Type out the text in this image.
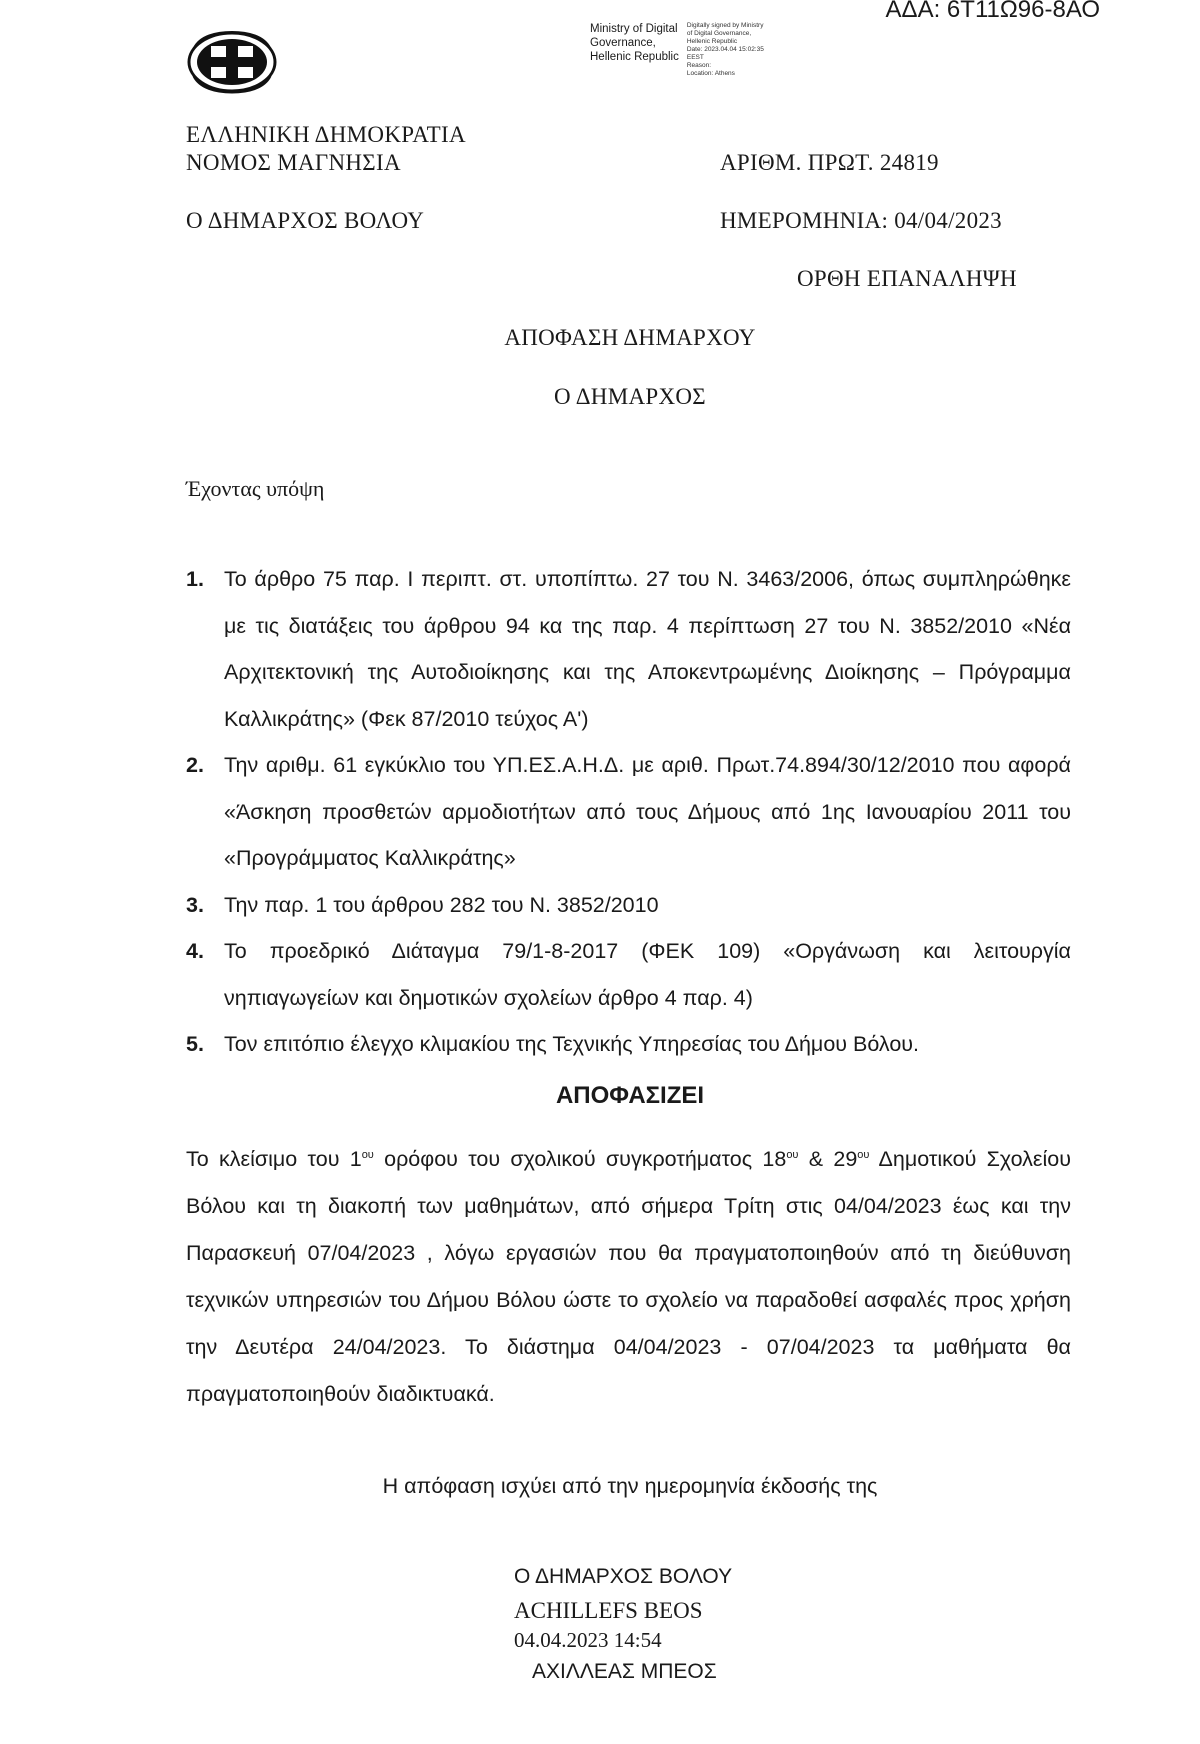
ΑΔΑ: 6Τ11Ω96-8ΑΟ
Ministry of Digital
Governance,
Hellenic Republic
Digitally signed by Ministry
of Digital Governance,
Hellenic Republic
Date: 2023.04.04 15:02:35
EEST
Reason:
Location: Athens
ΕΛΛΗΝΙΚΗ ΔΗΜΟΚΡΑΤΙΑ
ΝΟΜΟΣ ΜΑΓΝΗΣΙΑ	ΑΡΙΘΜ. ΠΡΩΤ. 24819
Ο ΔΗΜΑΡΧΟΣ ΒΟΛΟΥ	ΗΜΕΡΟΜΗΝΙΑ: 04/04/2023
ΟΡΘΗ ΕΠΑΝΑΛΗΨΗ
ΑΠΟΦΑΣΗ ΔΗΜΑΡΧΟΥ
Ο ΔΗΜΑΡΧΟΣ
Έχοντας υπόψη
1. Το άρθρο 75 παρ. Ι περιπτ. στ. υποπίπτω. 27 του Ν. 3463/2006, όπως συμπληρώθηκε με τις διατάξεις του άρθρου 94 κα της παρ. 4 περίπτωση 27 του Ν. 3852/2010 «Νέα Αρχιτεκτονική της Αυτοδιοίκησης και της Αποκεντρωμένης Διοίκησης – Πρόγραμμα Καλλικράτης» (Φεκ 87/2010 τεύχος Α')
2. Την αριθμ. 61 εγκύκλιο του ΥΠ.ΕΣ.Α.Η.Δ. με αριθ. Πρωτ.74.894/30/12/2010 που αφορά «Άσκηση προσθετών αρμοδιοτήτων από τους Δήμους από 1ης Ιανουαρίου 2011 του «Προγράμματος Καλλικράτης»
3. Την παρ. 1 του άρθρου 282 του Ν. 3852/2010
4. Το προεδρικό Διάταγμα 79/1-8-2017 (ΦΕΚ 109) «Οργάνωση και λειτουργία νηπιαγωγείων και δημοτικών σχολείων άρθρο 4 παρ. 4)
5. Τον επιτόπιο έλεγχο κλιμακίου της Τεχνικής Υπηρεσίας του Δήμου Βόλου.
ΑΠΟΦΑΣΙΖΕΙ

Το κλείσιμο του $1^{o\upsilon}$ ορόφου του σχολικού συγκροτήματος $18^{o\upsilon}$ & $29^{o\upsilon}$ Δημοτικού Σχολείου Βόλου και τη διακοπή των μαθημάτων, από σήμερα Τρίτη στις 04/04/2023 έως και την Παρασκευή 07/04/2023 , λόγω εργασιών που θα πραγματοποιηθούν από τη διεύθυνση τεχνικών υπηρεσιών του Δήμου Βόλου ώστε το σχολείο να παραδοθεί ασφαλές προς χρήση την Δευτέρα 24/04/2023. Το διάστημα 04/04/2023 - 07/04/2023 τα μαθήματα θα πραγματοποιηθούν διαδικτυακά.

Η απόφαση ισχύει από την ημερομηνία έκδοσής της
Ο ΔΗΜΑΡΧΟΣ ΒΟΛΟΥ
ACHILLEFS BEOS
04.04.2023 14:54
ΑΧΙΛΛΕΑΣ ΜΠΕΟΣ
